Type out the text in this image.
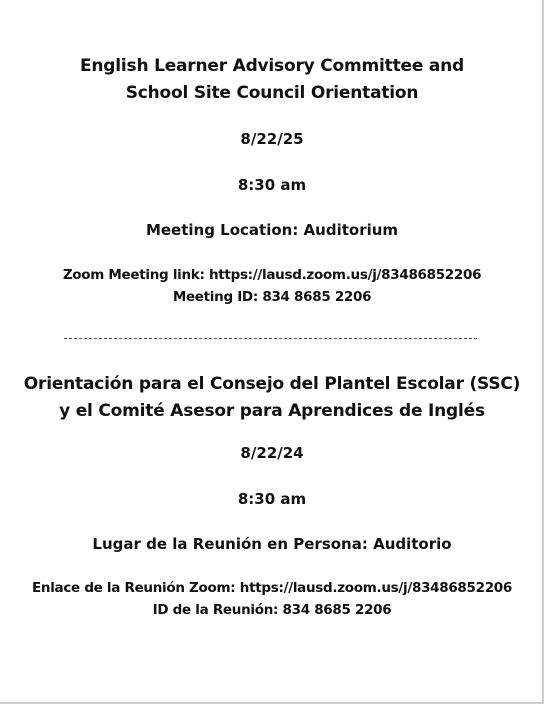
English Learner Advisory Committee and
School Site Council Orientation
8/22/25
8:30 am
Meeting Location: Auditorium
Zoom Meeting link: https://lausd.zoom.us/j/83486852206
Meeting ID: 834 8685 2206
Orientación para el Consejo del Plantel Escolar (SSC)
y el Comité Asesor para Aprendices de Inglés
8/22/24
8:30 am
Lugar de la Reunión en Persona: Auditorio
Enlace de la Reunión Zoom: https://lausd.zoom.us/j/83486852206
ID de la Reunión: 834 8685 2206
